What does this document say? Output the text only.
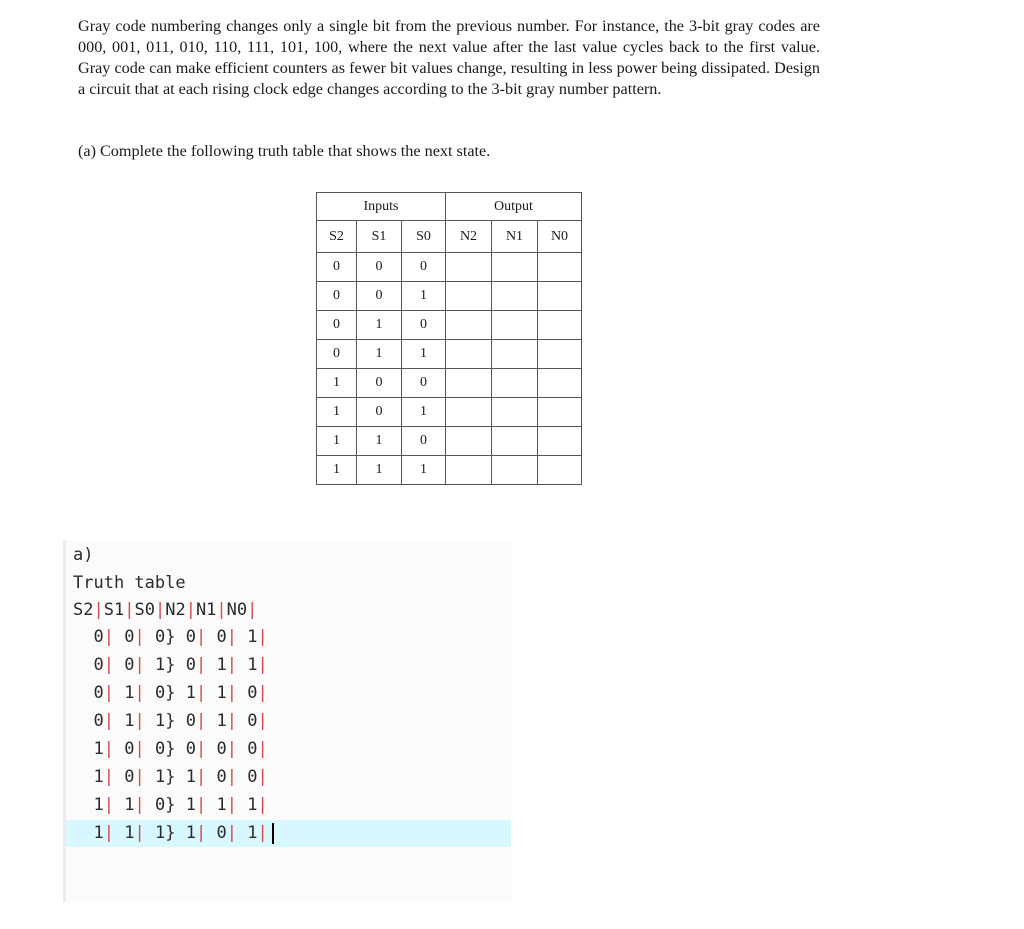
Gray code numbering changes only a single bit from the previous number. For instance, the 3-bit gray codes are 000, 001, 011, 010, 110, 111, 101, 100, where the next value after the last value cycles back to the first value. Gray code can make efficient counters as fewer bit values change, resulting in less power being dissipated. Design a circuit that at each rising clock edge changes according to the 3-bit gray number pattern.

(a) Complete the following truth table that shows the next state.

Inputs			Output		
S2	S1	S0	N2	N1	N0
0	0	0			
0	0	1			
0	1	0			
0	1	1			
1	0	0			
1	0	1			
1	1	0			
1	1	1			
a)
Truth table
S2|S1|S0|N2|N1|N0|
0| 0| 0} 0| 0| 1|
0| 0| 1} 0| 1| 1|
0| 1| 0} 1| 1| 0|
0| 1| 1} 0| 1| 0|
1| 0| 0} 0| 0| 0|
1| 0| 1} 1| 0| 0|
1| 1| 0} 1| 1| 1|
1| 1| 1} 1| 0| 1|
